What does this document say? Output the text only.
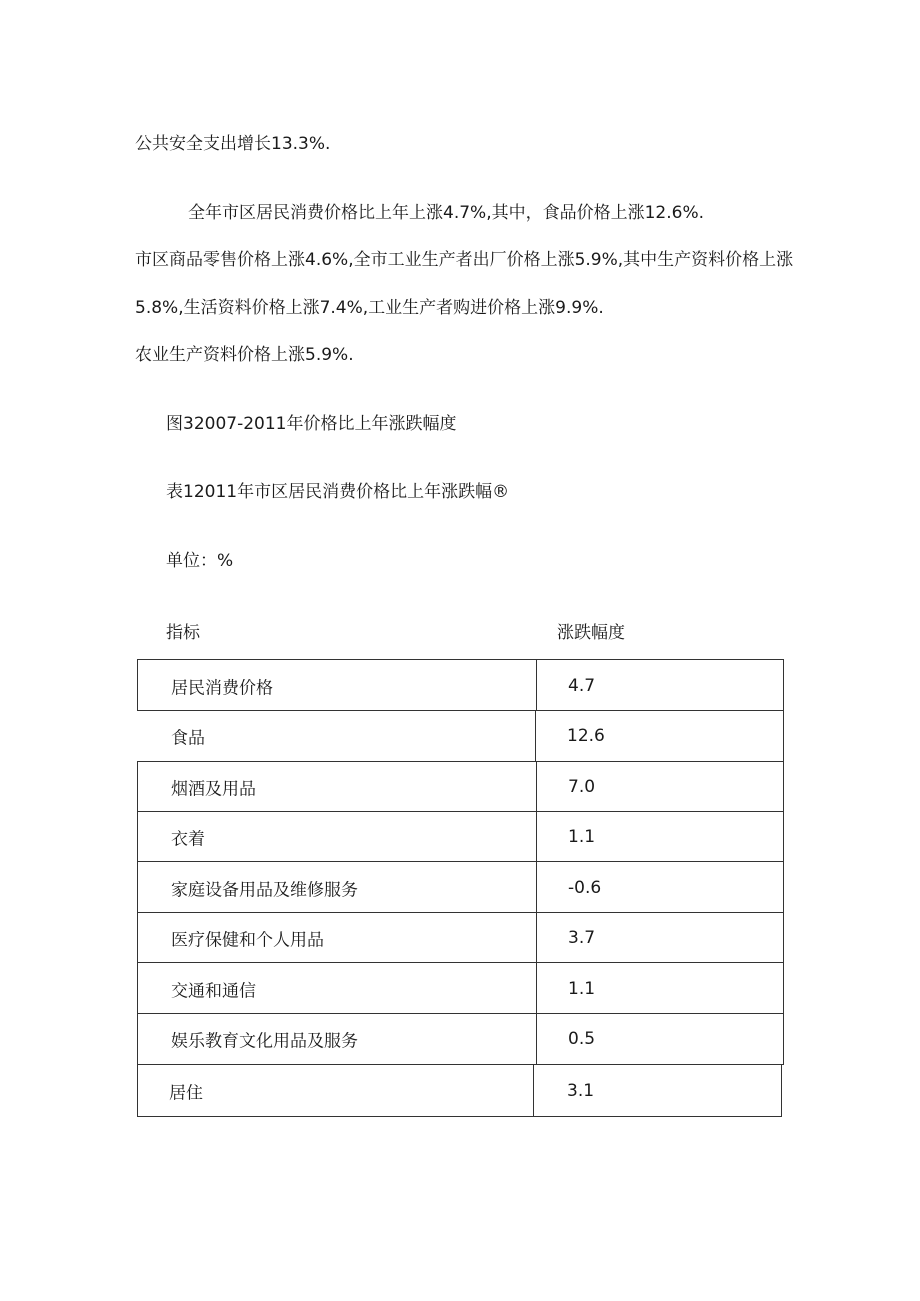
公共安全支出增长13.3%.
全年市区居民消费价格比上年上涨4.7%,其中，食品价格上涨12.6%.
市区商品零售价格上涨4.6%,全市工业生产者出厂价格上涨5.9%,其中生产资料价格上涨
5.8%,生活资料价格上涨7.4%,工业生产者购进价格上涨9.9%.
农业生产资料价格上涨5.9%.
图32007-2011年价格比上年涨跌幅度
表12011年市区居民消费价格比上年涨跌幅®
单位：%
指标	涨跌幅度
居民消费价格	4.7
食品	12.6
烟酒及用品	7.0
衣着	1.1
家庭设备用品及维修服务	-0.6
医疗保健和个人用品	3.7
交通和通信	1.1
娱乐教育文化用品及服务	0.5
居住	3.1
